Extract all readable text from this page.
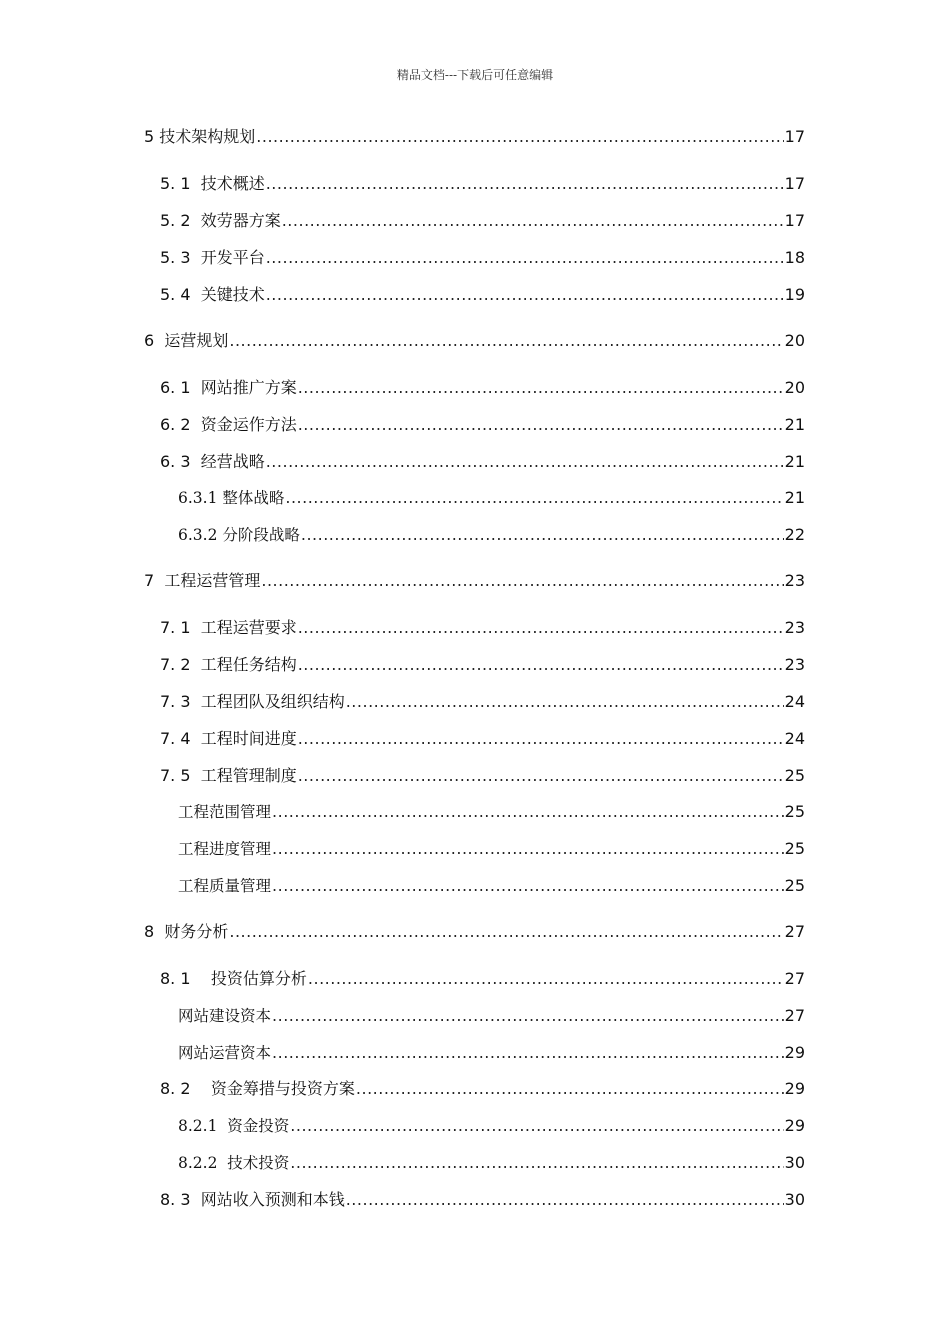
精品文档---下载后可任意编辑
5 技术架构规划 .....	17
5. 1  技术概述 .....	17
5. 2  效劳器方案 .....	17
5. 3  开发平台 .....	18
5. 4  关键技术 .....	19
6  运营规划 .....	20
6. 1  网站推广方案 .....	20
6. 2  资金运作方法 .....	21
6. 3  经营战略 .....	21
6.3.1 整体战略 .....	21
6.3.2 分阶段战略 .....	22
7  工程运营管理 .....	23
7. 1  工程运营要求 .....	23
7. 2  工程任务结构 .....	23
7. 3  工程团队及组织结构 .....	24
7. 4  工程时间进度 .....	24
7. 5  工程管理制度 .....	25
工程范围管理 .....	25
工程进度管理 .....	25
工程质量管理 .....	25
8  财务分析 .....	27
8. 1    投资估算分析 .....	27
网站建设资本 .....	27
网站运营资本 .....	29
8. 2    资金筹措与投资方案 .....	29
8.2.1  资金投资 .....	29
8.2.2  技术投资 .....	30
8. 3  网站收入预测和本钱 .....	30
